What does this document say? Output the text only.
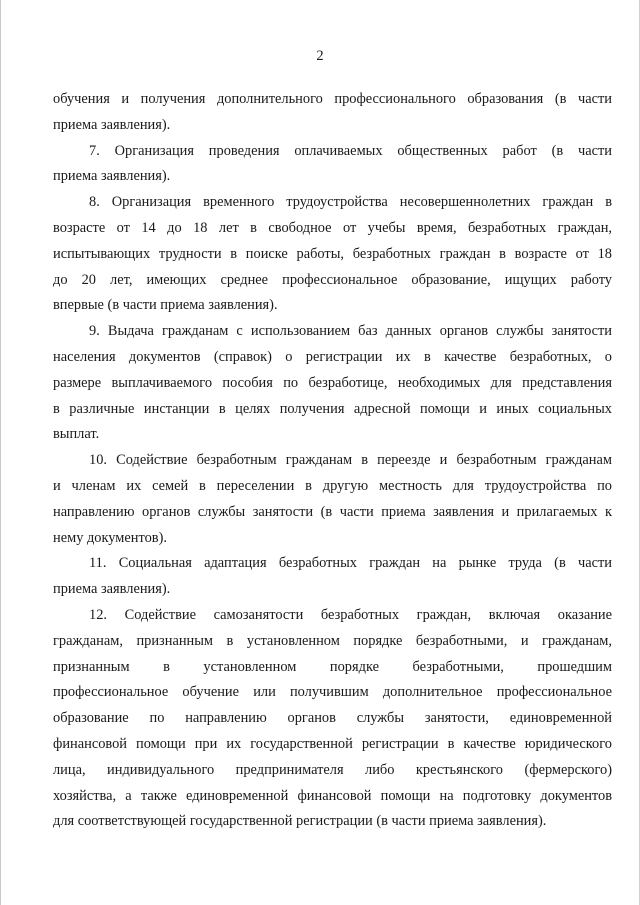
2
обучения и получения дополнительного профессионального образования (в части
приема заявления).
7. Организация проведения оплачиваемых общественных работ (в части
приема заявления).
8. Организация временного трудоустройства несовершеннолетних граждан в
возрасте от 14 до 18 лет в свободное от учебы время, безработных граждан,
испытывающих трудности в поиске работы, безработных граждан в возрасте от 18
до 20 лет, имеющих среднее профессиональное образование, ищущих работу
впервые (в части приема заявления).
9. Выдача гражданам с использованием баз данных органов службы занятости
населения документов (справок) о регистрации их в качестве безработных, о
размере выплачиваемого пособия по безработице, необходимых для представления
в различные инстанции в целях получения адресной помощи и иных социальных
выплат.
10. Содействие безработным гражданам в переезде и безработным гражданам
и членам их семей в переселении в другую местность для трудоустройства по
направлению органов службы занятости (в части приема заявления и прилагаемых к
нему документов).
11. Социальная адаптация безработных граждан на рынке труда (в части
приема заявления).
12. Содействие самозанятости безработных граждан, включая оказание
гражданам, признанным в установленном порядке безработными, и гражданам,
признанным в установленном порядке безработными, прошедшим
профессиональное обучение или получившим дополнительное профессиональное
образование по направлению органов службы занятости, единовременной
финансовой помощи при их государственной регистрации в качестве юридического
лица, индивидуального предпринимателя либо крестьянского (фермерского)
хозяйства, а также единовременной финансовой помощи на подготовку документов
для соответствующей государственной регистрации (в части приема заявления).
